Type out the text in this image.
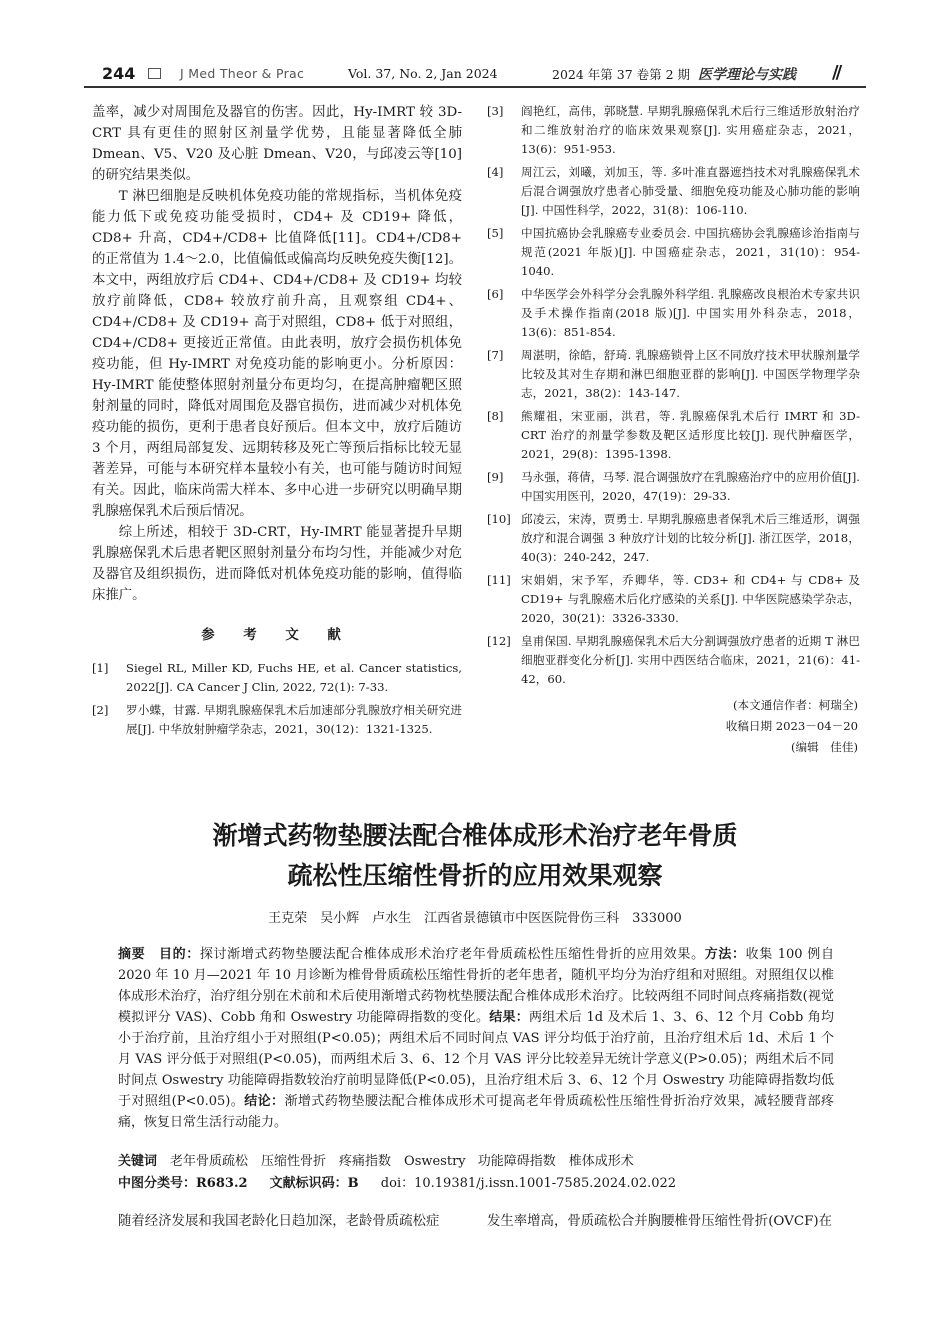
244	J Med Theor & Prac	Vol. 37, No. 2, Jan 2024	2024 年第 37 卷第 2 期 医学理论与实践 //

盖率，减少对周围危及器官的伤害。因此，Hy-IMRT 较 3D-CRT 具有更佳的照射区剂量学优势，且能显著降低全肺 Dmean、V5、V20 及心脏 Dmean、V20，与邱凌云等[10] 的研究结果类似。

T 淋巴细胞是反映机体免疫功能的常规指标，当机体免疫能力低下或免疫功能受损时，CD4+ 及 CD19+ 降低，CD8+ 升高，CD4+/CD8+ 比值降低[11]。CD4+/CD8+ 的正常值为 1.4～2.0，比值偏低或偏高均反映免疫失衡[12]。本文中，两组放疗后 CD4+、CD4+/CD8+ 及 CD19+ 均较放疗前降低，CD8+ 较放疗前升高，且观察组 CD4+、CD4+/CD8+ 及 CD19+ 高于对照组，CD8+ 低于对照组，CD4+/CD8+ 更接近正常值。由此表明，放疗会损伤机体免疫功能，但 Hy-IMRT 对免疫功能的影响更小。分析原因：Hy-IMRT 能使整体照射剂量分布更均匀，在提高肿瘤靶区照射剂量的同时，降低对周围危及器官损伤，进而减少对机体免疫功能的损伤，更利于患者良好预后。但本文中，放疗后随访 3 个月，两组局部复发、远期转移及死亡等预后指标比较无显著差异，可能与本研究样本量较小有关，也可能与随访时间短有关。因此，临床尚需大样本、多中心进一步研究以明确早期乳腺癌保乳术后预后情况。

综上所述，相较于 3D-CRT，Hy-IMRT 能显著提升早期乳腺癌保乳术后患者靶区照射剂量分布均匀性，并能减少对危及器官及组织损伤，进而降低对机体免疫功能的影响，值得临床推广。

参 考 文 献
[1] Siegel RL, Miller KD, Fuchs HE, et al. Cancer statistics, 2022[J]. CA Cancer J Clin, 2022, 72(1): 7-33.
[2] 罗小蝶，甘露. 早期乳腺癌保乳术后加速部分乳腺放疗相关研究进展[J]. 中华放射肿瘤学杂志，2021，30(12)：1321-1325.
[3] 阎艳红，高伟，郭晓慧. 早期乳腺癌保乳术后行三维适形放射治疗和二维放射治疗的临床效果观察[J]. 实用癌症杂志，2021，13(6)：951-953.
[4] 周江云，刘曦，刘加玉，等. 多叶准直器遮挡技术对乳腺癌保乳术后混合调强放疗患者心肺受量、细胞免疫功能及心肺功能的影响[J]. 中国性科学，2022，31(8)：106-110.
[5] 中国抗癌协会乳腺癌专业委员会. 中国抗癌协会乳腺癌诊治指南与规范(2021 年版)[J]. 中国癌症杂志，2021，31(10)：954-1040.
[6] 中华医学会外科学分会乳腺外科学组. 乳腺癌改良根治术专家共识及手术操作指南(2018 版)[J]. 中国实用外科杂志，2018，13(6)：851-854.
[7] 周湛明，徐皓，舒琦. 乳腺癌锁骨上区不同放疗技术甲状腺剂量学比较及其对生存期和淋巴细胞亚群的影响[J]. 中国医学物理学杂志，2021，38(2)：143-147.
[8] 熊耀祖，宋亚丽，洪君，等. 乳腺癌保乳术后行 IMRT 和 3D-CRT 治疗的剂量学参数及靶区适形度比较[J]. 现代肿瘤医学，2021，29(8)：1395-1398.
[9] 马永强，蒋倩，马琴. 混合调强放疗在乳腺癌治疗中的应用价值[J]. 中国实用医刊，2020，47(19)：29-33.
[10] 邱凌云，宋涛，贾勇士. 早期乳腺癌患者保乳术后三维适形，调强放疗和混合调强 3 种放疗计划的比较分析[J]. 浙江医学，2018，40(3)：240-242，247.
[11] 宋娟娟，宋予军，乔卿华，等. CD3+ 和 CD4+ 与 CD8+ 及 CD19+ 与乳腺癌术后化疗感染的关系[J]. 中华医院感染学杂志，2020，30(21)：3326-3330.
[12] 皇甫保国. 早期乳腺癌保乳术后大分割调强放疗患者的近期 T 淋巴细胞亚群变化分析[J]. 实用中西医结合临床，2021，21(6)：41-42，60.
(本文通信作者：柯瑞全)
收稿日期 2023－04－20
(编辑　佳佳)
渐增式药物垫腰法配合椎体成形术治疗老年骨质
疏松性压缩性骨折的应用效果观察
王克荣　吴小辉　卢水生　江西省景德镇市中医医院骨伤三科　333000

摘要　 目的：探讨渐增式药物垫腰法配合椎体成形术治疗老年骨质疏松性压缩性骨折的应用效果。方法：收集 100 例自 2020 年 10 月—2021 年 10 月诊断为椎骨骨质疏松压缩性骨折的老年患者，随机平均分为治疗组和对照组。对照组仅以椎体成形术治疗，治疗组分别在术前和术后使用渐增式药物枕垫腰法配合椎体成形术治疗。比较两组不同时间点疼痛指数(视觉模拟评分 VAS)、Cobb 角和 Oswestry 功能障碍指数的变化。结果：两组术后 1d 及术后 1、3、6、12 个月 Cobb 角均小于治疗前，且治疗组小于对照组(P<0.05)；两组术后不同时间点 VAS 评分均低于治疗前，且治疗组术后 1d、术后 1 个月 VAS 评分低于对照组(P<0.05)，而两组术后 3、6、12 个月 VAS 评分比较差异无统计学意义(P>0.05)；两组术后不同时间点 Oswestry 功能障碍指数较治疗前明显降低(P<0.05)，且治疗组术后 3、6、12 个月 Oswestry 功能障碍指数均低于对照组(P<0.05)。结论：渐增式药物垫腰法配合椎体成形术可提高老年骨质疏松性压缩性骨折治疗效果，减轻腰背部疼痛，恢复日常生活行动能力。

关键词　 老年骨质疏松　压缩性骨折　疼痛指数　Oswestry 功能障碍指数　椎体成形术
中图分类号：R683.2 文献标识码：B doi：10.19381/j.issn.1001-7585.2024.02.022
随着经济发展和我国老龄化日趋加深，老龄骨质疏松症	发生率增高，骨质疏松合并胸腰椎骨压缩性骨折(OVCF)在
